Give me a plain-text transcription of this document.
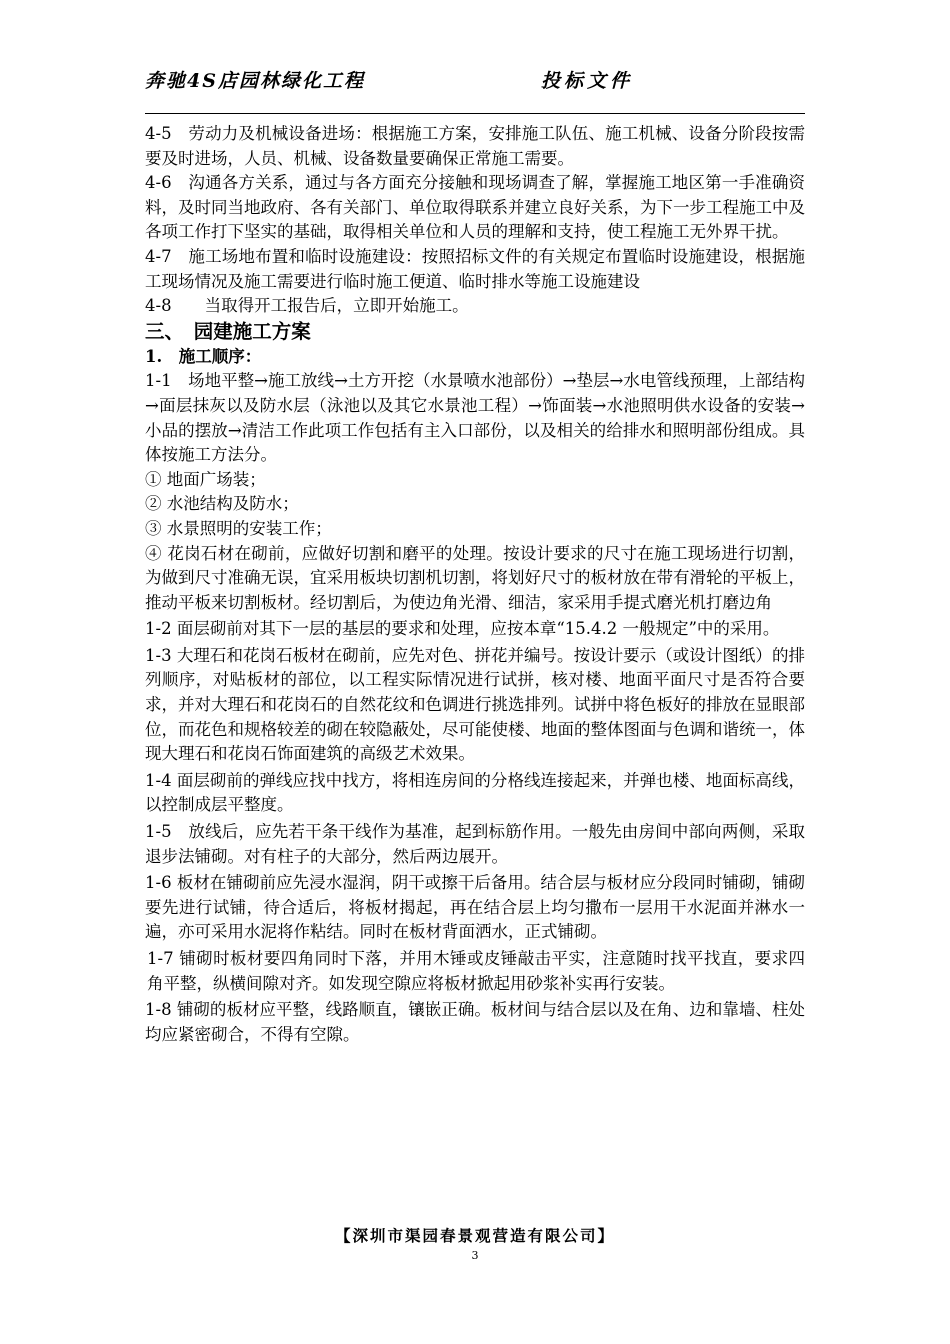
奔驰4S店园林绿化工程	投标文件

4-5　劳动力及机械设备进场：根据施工方案，安排施工队伍、施工机械、设备分阶段按需要及时进场，人员、机械、设备数量要确保正常施工需要。

4-6　沟通各方关系，通过与各方面充分接触和现场调查了解，掌握施工地区第一手准确资料，及时同当地政府、各有关部门、单位取得联系并建立良好关系，为下一步工程施工中及各项工作打下坚实的基础，取得相关单位和人员的理解和支持，使工程施工无外界干扰。

4-7　施工场地布置和临时设施建设：按照招标文件的有关规定布置临时设施建设，根据施工现场情况及施工需要进行临时施工便道、临时排水等施工设施建设

4-8　　当取得开工报告后，立即开始施工。

三、　园建施工方案

1.　施工顺序：

1-1　场地平整→施工放线→土方开挖（水景喷水池部份）→垫层→水电管线预理，上部结构→面层抹灰以及防水层（泳池以及其它水景池工程）→饰面装→水池照明供水设备的安装→小品的摆放→清洁工作此项工作包括有主入口部份，以及相关的给排水和照明部份组成。具体按施工方法分。

① 地面广场装；

② 水池结构及防水；

③ 水景照明的安装工作；

④ 花岗石材在砌前，应做好切割和磨平的处理。按设计要求的尺寸在施工现场进行切割，为做到尺寸准确无误，宜采用板块切割机切割，将划好尺寸的板材放在带有滑轮的平板上，推动平板来切割板材。经切割后，为使边角光滑、细洁，家采用手提式磨光机打磨边角

1-2 面层砌前对其下一层的基层的要求和处理，应按本章“15.4.2 一般规定”中的采用。

1-3 大理石和花岗石板材在砌前，应先对色、拼花并编号。按设计要示（或设计图纸）的排列顺序，对贴板材的部位，以工程实际情况进行试拼，核对楼、地面平面尺寸是否符合要求，并对大理石和花岗石的自然花纹和色调进行挑选排列。试拼中将色板好的排放在显眼部位，而花色和规格较差的砌在较隐蔽处，尽可能使楼、地面的整体图面与色调和谐统一，体现大理石和花岗石饰面建筑的高级艺术效果。

1-4 面层砌前的弹线应找中找方，将相连房间的分格线连接起来，并弹也楼、地面标高线，以控制成层平整度。

1-5　放线后，应先若干条干线作为基准，起到标筋作用。一般先由房间中部向两侧，采取退步法铺砌。对有柱子的大部分，然后两边展开。

1-6 板材在铺砌前应先浸水湿润，阴干或擦干后备用。结合层与板材应分段同时铺砌，铺砌要先进行试铺，待合适后，将板材揭起，再在结合层上均匀撒布一层用干水泥面并淋水一遍，亦可采用水泥将作粘结。同时在板材背面洒水，正式铺砌。

1-7 铺砌时板材要四角同时下落，并用木锤或皮锤敲击平实，注意随时找平找直，要求四角平整，纵横间隙对齐。如发现空隙应将板材掀起用砂浆补实再行安装。

1-8 铺砌的板材应平整，线路顺直，镶嵌正确。板材间与结合层以及在角、边和靠墙、柱处均应紧密砌合，不得有空隙。

【深圳市渠园春景观营造有限公司】
3
